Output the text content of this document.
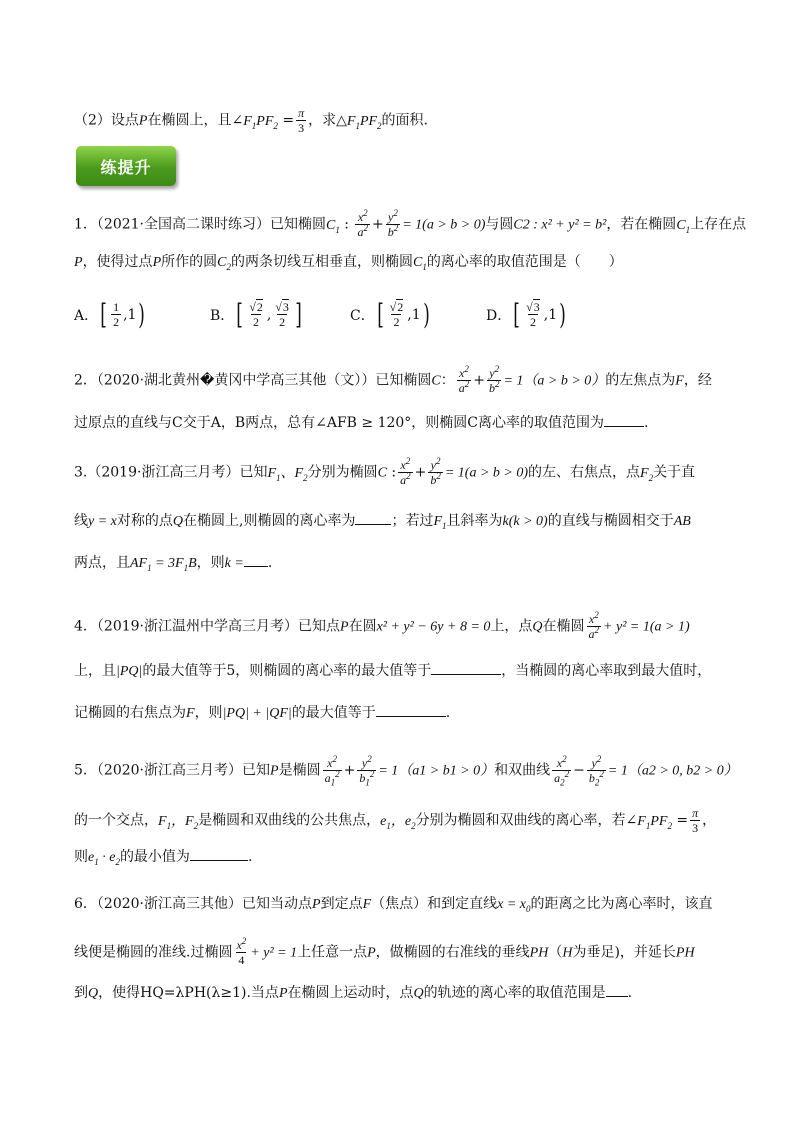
（2）设点P在椭圆上，且$\angle F_1PF_2 = \frac{\pi}{3}$ ，求$\triangle F_1PF_2$的面积.
练提升
1．（2021·全国高二课时练习）已知椭圆$C_1$ : $\frac{x^2}{a^2} + \frac{y^2}{b^2} = 1(a > b > 0)$与圆C2 : x² + y² = b²，若在椭圆$C_1$上存在点
P，使得过点P所作的圆$C_2$的两条切线互相垂直，则椭圆$C_1$的离心率的取值范围是（　　）
A． [ $\frac{1}{2} ,1$ )	B． [ $\frac{√2}{2}$ , $\frac{√3}{2}$ ]	C． [ $\frac{√2}{2} ,1$ )	D． [ $\frac{√3}{2} ,1$ )
2．（2020·湖北黄州�黄冈中学高三其他（文））已知椭圆C： $\frac{x^2}{a^2} + \frac{y^2}{b^2} = 1(a > b > 0)$的左焦点为F，经
过原点的直线与C交于A，B两点，总有∠AFB ≥ 120°，则椭圆C离心率的取值范围为	.
3.（2019·浙江高三月考）已知$F_1$、$F_2$分别为椭圆C : $\frac{x^2}{a^2} + \frac{y^2}{b^2} = 1(a > b > 0)$的左、右焦点，点$F_2$关于直
线y = x对称的点Q在椭圆上,则椭圆的离心率为	；若过$F_1$且斜率为k(k > 0)的直线与椭圆相交于AB
两点，且$AF_1 = 3F_1B$，则k = .
4．（2019·浙江温州中学高三月考）已知点P在圆x² + y² − 6y + 8 = 0上，点Q在椭圆 $\frac{x^2}{a^2} + y^2 = 1(a > 1)$
上，且|PQ|的最大值等于5，则椭圆的离心率的最大值等于	，当椭圆的离心率取到最大值时，
记椭圆的右焦点为F，则|PQ| + |QF|的最大值等于	.
5．（2020·浙江高三月考）已知P是椭圆 $\frac{x^2}{a_1^2} + \frac{y^2}{b_1^2} = 1(a1 > b1 > 0)$和双曲线 $\frac{x^2}{a_2^2} - \frac{y^2}{b_2^2} = 1(a2 > 0$, b2 > 0）
的一个交点，$F_1$，$F_2$是椭圆和双曲线的公共焦点，$e_1$，$e_2$分别为椭圆和双曲线的离心率，若$\angle F_1PF_2 = \frac{\pi}{3}$ ，
则$e_1 \cdot e_2$的最小值为	.
6．（2020·浙江高三其他）已知当动点P到定点F（焦点）和到定直线$x = x_0$的距离之比为离心率时，该直
线便是椭圆的准线.过椭圆 $\frac{x^2}{4} + y^2 = 1$上任意一点P，做椭圆的右准线的垂线PH（H为垂足)，并延长PH
到Q，使得HQ=λPH(λ≥1).当点P在椭圆上运动时，点Q的轨迹的离心率的取值范围是 .
